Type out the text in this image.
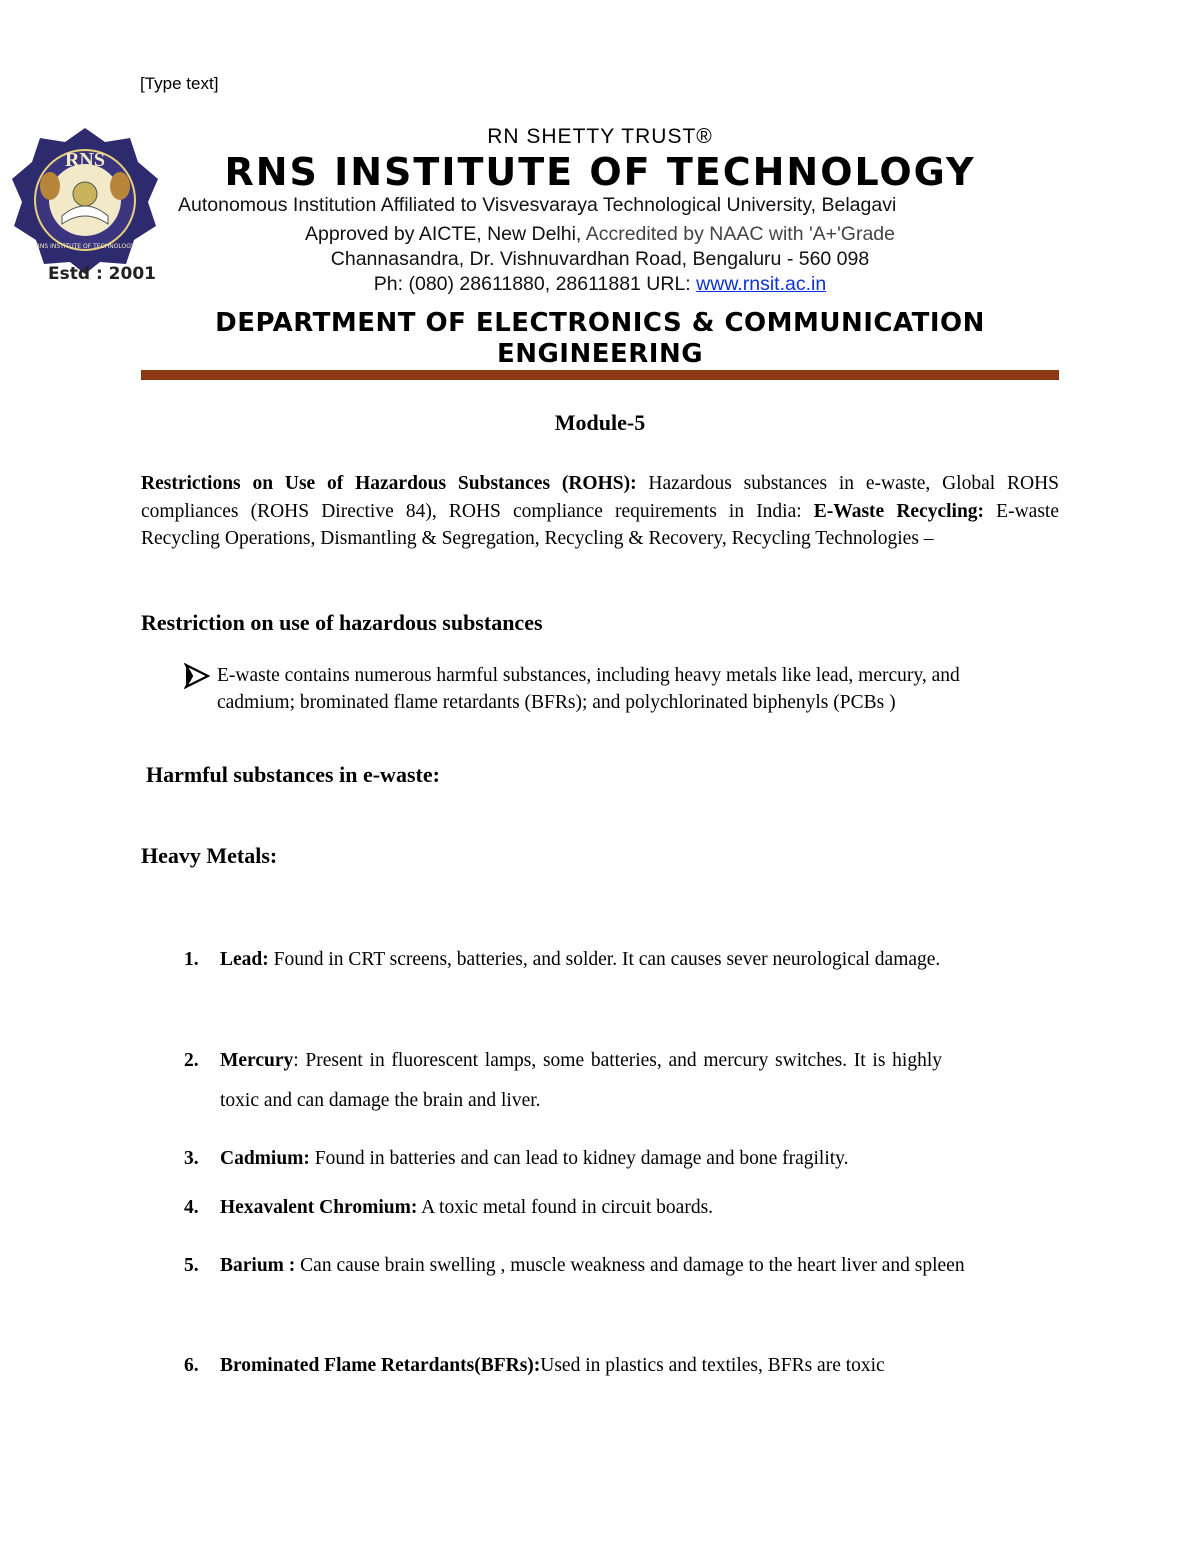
[Type text]
RNS
RNS INSTITUTE OF TECHNOLOGY
Estd : 2001
RN SHETTY TRUST®
RNS INSTITUTE OF TECHNOLOGY
Autonomous Institution Affiliated to Visvesvaraya Technological University, Belagavi
Approved by AICTE, New Delhi, Accredited by NAAC with 'A+'Grade
Channasandra, Dr. Vishnuvardhan Road, Bengaluru - 560 098
Ph: (080) 28611880, 28611881 URL: www.rnsit.ac.in
DEPARTMENT OF ELECTRONICS & COMMUNICATION
ENGINEERING
Module-5
Restrictions on Use of Hazardous Substances (ROHS): Hazardous substances in e-waste, Global ROHS compliances (ROHS Directive 84), ROHS compliance requirements in India: E-Waste Recycling: E-waste Recycling Operations, Dismantling & Segregation, Recycling & Recovery, Recycling Technologies –
Restriction on use of hazardous substances
E-waste contains numerous harmful substances, including heavy metals like lead, mercury, and cadmium; brominated flame retardants (BFRs); and polychlorinated biphenyls (PCBs )
Harmful substances in e-waste:
Heavy Metals:
1. Lead: Found in CRT screens, batteries, and solder. It can causes sever neurological damage.
2. Mercury: Present in fluorescent lamps, some batteries, and mercury switches. It is highly toxic and can damage the brain and liver.
3. Cadmium: Found in batteries and can lead to kidney damage and bone fragility.
4. Hexavalent Chromium: A toxic metal found in circuit boards.
5. Barium : Can cause brain swelling , muscle weakness and damage to the heart liver and spleen
6. Brominated Flame Retardants(BFRs):Used in plastics and textiles, BFRs are toxic
